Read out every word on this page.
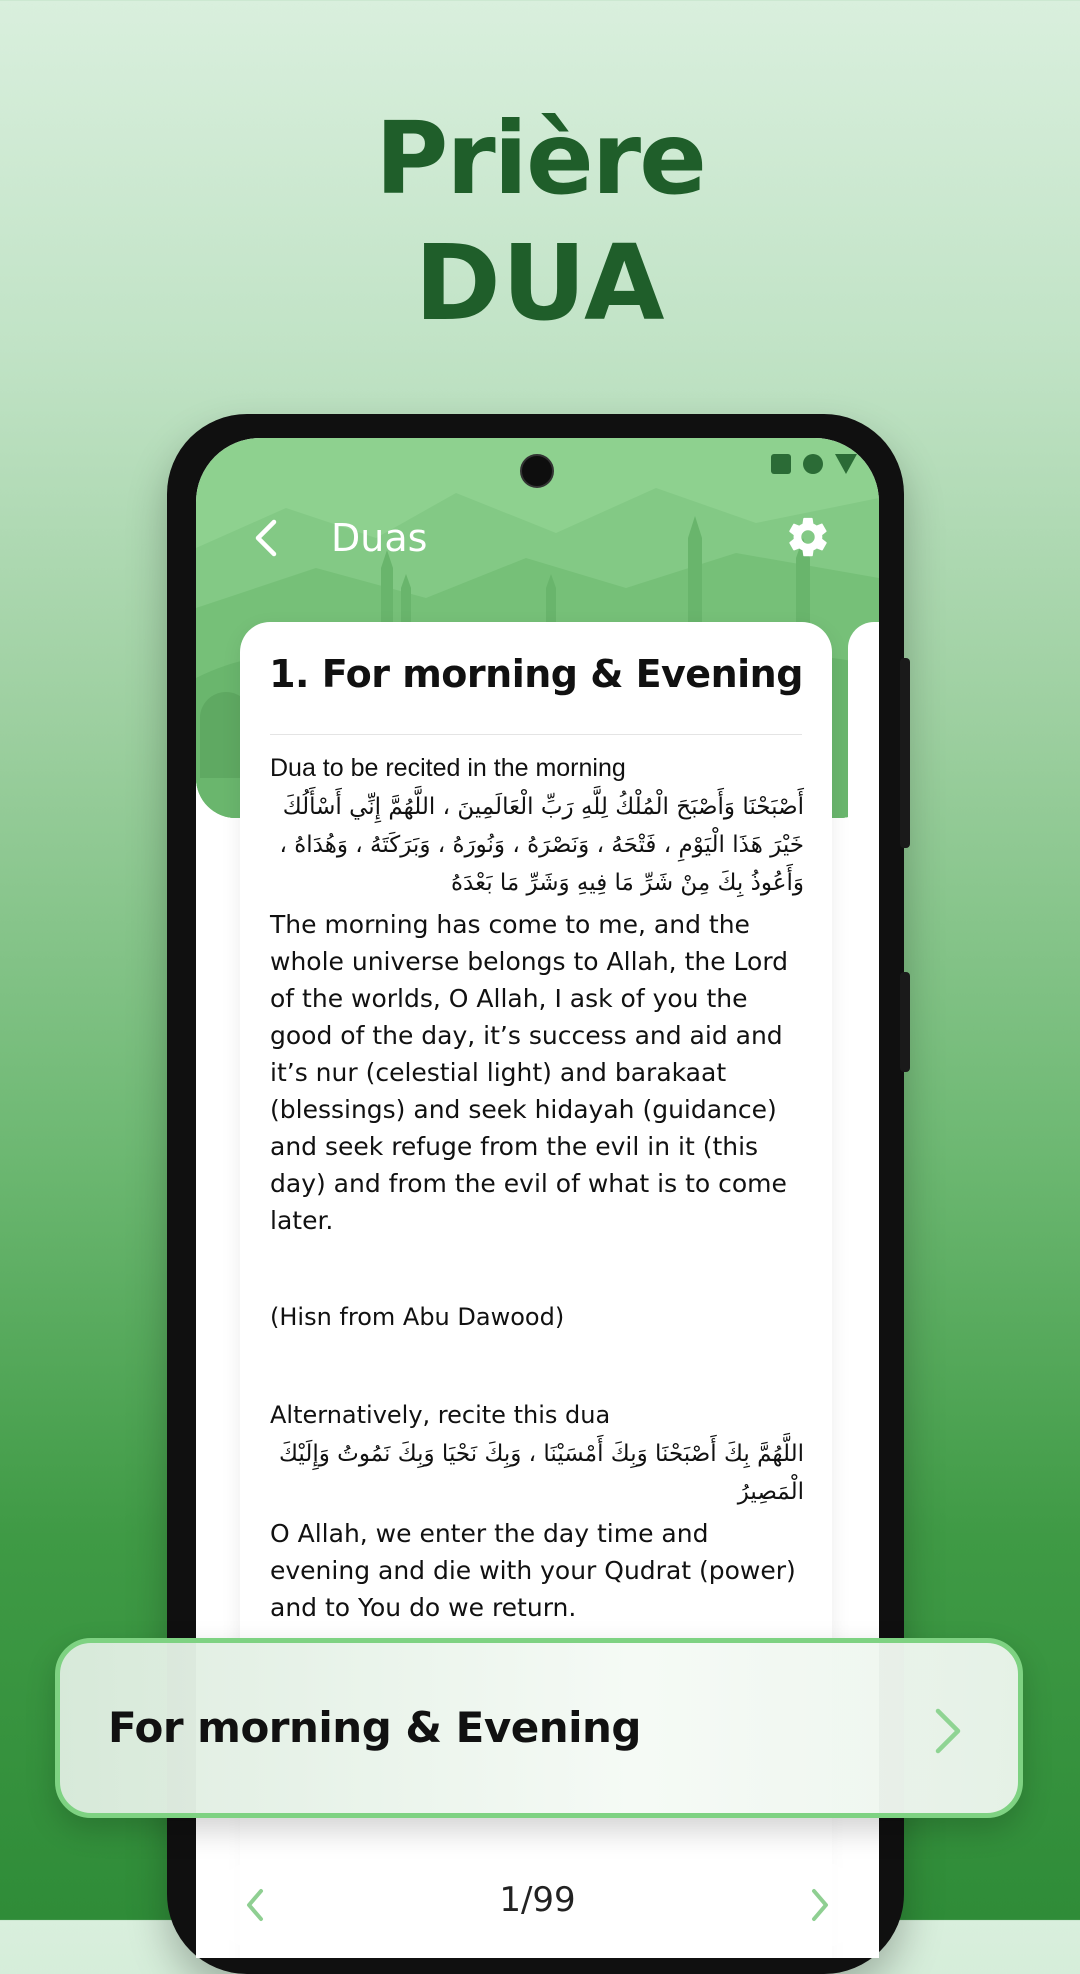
Prière
DUA
Duas
1. For morning & Evening

Dua to be recited in the morning

أَصْبَحْنَا وَأَصْبَحَ الْمُلْكُ لِلَّهِ رَبِّ الْعَالَمِينَ ، اللَّهُمَّ إِنِّي أَسْأَلُكَ خَيْرَ هَذَا الْيَوْمِ ، فَتْحَهُ ، وَنَصْرَهُ ، وَنُورَهُ ، وَبَرَكَتَهُ ، وَهُدَاهُ ، وَأَعُوذُ بِكَ مِنْ شَرِّ مَا فِيهِ وَشَرِّ مَا بَعْدَهُ

The morning has come to me, and the whole universe belongs to Allah, the Lord of the worlds, O Allah, I ask of you the good of the day, it’s success and aid and it’s nur (celestial light) and barakaat (blessings) and seek hidayah (guidance) and seek refuge from the evil in it (this day) and from the evil of what is to come later.

(Hisn from Abu Dawood)

Alternatively, recite this dua

اللَّهُمَّ بِكَ أَصْبَحْنَا وَبِكَ أَمْسَيْنَا ، وَبِكَ نَحْيَا وَبِكَ نَمُوتُ وَإِلَيْكَ الْمَصِيرُ

O Allah, we enter the day time and evening and die with your Qudrat (power) and to You do we return.

1/99
For morning & Evening
